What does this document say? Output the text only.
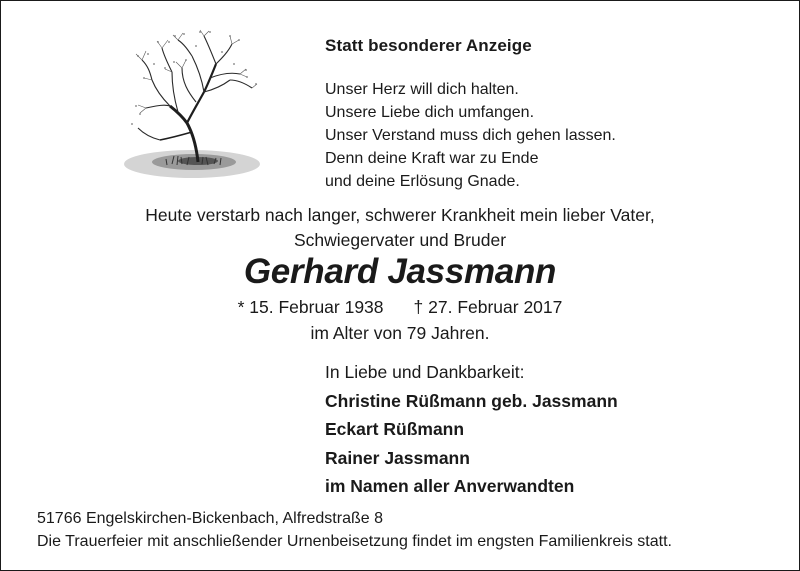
Statt besonderer Anzeige
Unser Herz will dich halten.
Unsere Liebe dich umfangen.
Unser Verstand muss dich gehen lassen.
Denn deine Kraft war zu Ende
und deine Erlösung Gnade.
Heute verstarb nach langer, schwerer Krankheit mein lieber Vater,
Schwiegervater und Bruder
Gerhard Jassmann
* 15. Februar 1938 † 27. Februar 2017
im Alter von 79 Jahren.
In Liebe und Dankbarkeit:
Christine Rüßmann geb. Jassmann
Eckart Rüßmann
Rainer Jassmann
im Namen aller Anverwandten
51766 Engelskirchen-Bickenbach, Alfredstraße 8
Die Trauerfeier mit anschließender Urnenbeisetzung findet im engsten Familienkreis statt.
